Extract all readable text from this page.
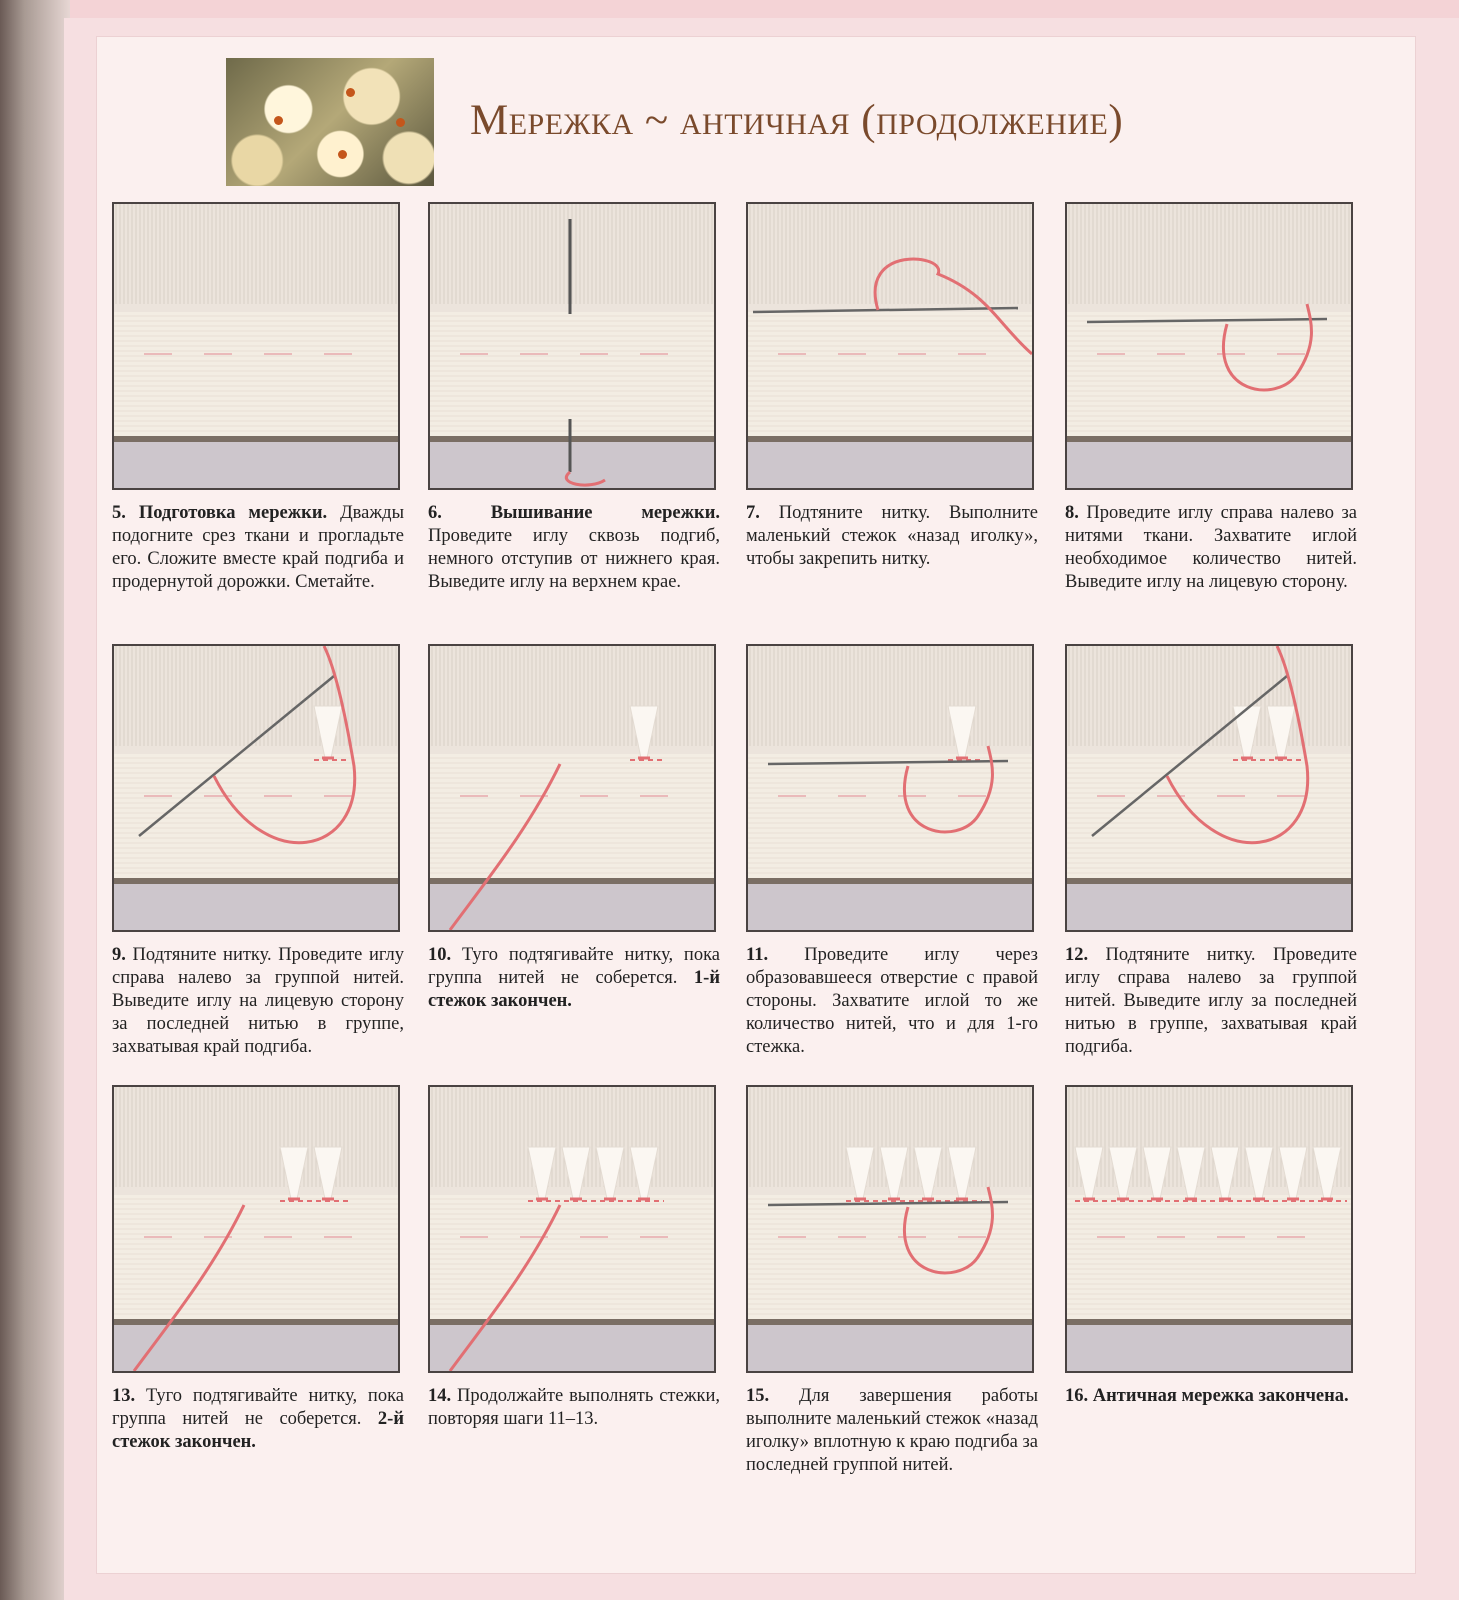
Мережка ~ античная (продолжение)
5. Подготовка мережки. Дважды подогните срез ткани и прогладьте его. Сложите вместе край подгиба и продернутой дорожки. Сметайте.
6.	Вышивание мережки. Проведите иглу сквозь подгиб, немного отступив от нижнего края. Выведите иглу на верхнем крае.
7. Подтяните нитку. Выполните маленький стежок «назад иголку», чтобы закрепить нитку.
8. Проведите иглу справа налево за нитями ткани. Захватите иглой необходимое количество нитей. Выведите иглу на лицевую сторону.
9. Подтяните нитку. Проведите иглу справа налево за группой нитей. Выведите иглу на лицевую сторону за последней нитью в группе, захватывая край подгиба.
10. Туго подтягивайте нитку, пока группа нитей не соберется. 1-й стежок закончен.
11. Проведите иглу через образовавшееся отверстие с правой стороны. Захватите иглой то же количество нитей, что и для 1-го стежка.
12. Подтяните нитку. Проведите иглу справа налево за группой нитей. Выведите иглу за последней нитью в группе, захватывая край подгиба.
13. Туго подтягивайте нитку, пока группа нитей не соберется. 2-й стежок закончен.
14. Продолжайте выполнять стежки, повторяя шаги 11–13.
15. Для завершения работы выполните маленький стежок «назад иголку» вплотную к краю подгиба за последней группой нитей.
16. Античная мережка закончена.
